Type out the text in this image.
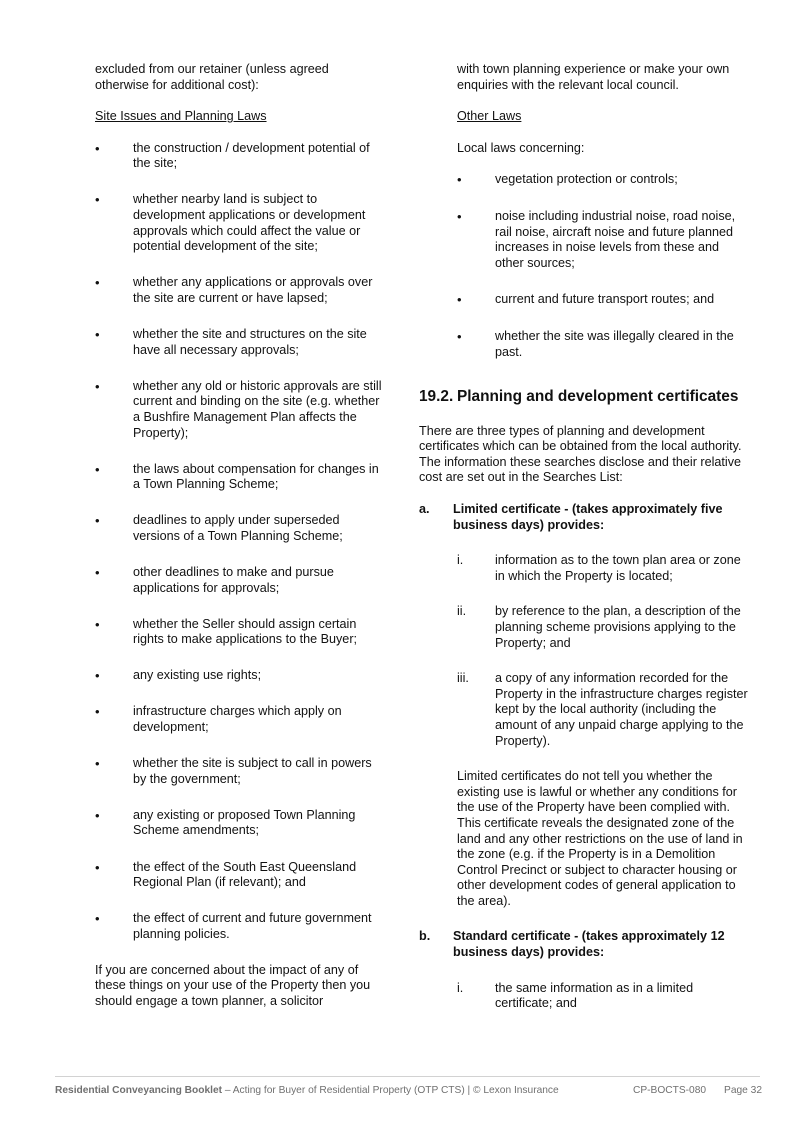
excluded from our retainer (unless agreed otherwise for additional cost):

Site Issues and Planning Laws

• the construction / development potential of the site;
• whether nearby land is subject to development applications or development approvals which could affect the value or potential development of the site;
• whether any applications or approvals over the site are current or have lapsed;
• whether the site and structures on the site have all necessary approvals;
• whether any old or historic approvals are still current and binding on the site (e.g. whether a Bushfire Management Plan affects the Property);
• the laws about compensation for changes in a Town Planning Scheme;
• deadlines to apply under superseded versions of a Town Planning Scheme;
• other deadlines to make and pursue applications for approvals;
• whether the Seller should assign certain rights to make applications to the Buyer;
• any existing use rights;
• infrastructure charges which apply on development;
• whether the site is subject to call in powers by the government;
• any existing or proposed Town Planning Scheme amendments;
• the effect of the South East Queensland Regional Plan (if relevant); and
• the effect of current and future government planning policies.

If you are concerned about the impact of any of these things on your use of the Property then you should engage a town planner, a solicitor

with town planning experience or make your own enquiries with the relevant local council.

Other Laws

Local laws concerning:

• vegetation protection or controls;
• noise including industrial noise, road noise, rail noise, aircraft noise and future planned increases in noise levels from these and other sources;
• current and future transport routes; and
• whether the site was illegally cleared in the past.
19.2. Planning and development certificates

There are three types of planning and development certificates which can be obtained from the local authority. The information these searches disclose and their relative cost are set out in the Searches List:

a.	Limited certificate - (takes approximately five business days) provides:
i.	information as to the town plan area or zone in which the Property is located;
ii.	by reference to the plan, a description of the planning scheme provisions applying to the Property; and
iii.	a copy of any information recorded for the Property in the infrastructure charges register kept by the local authority (including the amount of any unpaid charge applying to the Property).

Limited certificates do not tell you whether the existing use is lawful or whether any conditions for the use of the Property have been complied with. This certificate reveals the designated zone of the land and any other restrictions on the use of land in the zone (e.g. if the Property is in a Demolition Control Precinct or subject to character housing or other development codes of general application to the area).

b.	Standard certificate - (takes approximately 12 business days) provides:
i.	the same information as in a limited certificate; and
Residential Conveyancing Booklet – Acting for Buyer of Residential Property (OTP CTS) | © Lexon Insurance	CP-BOCTS-080 Page 32
